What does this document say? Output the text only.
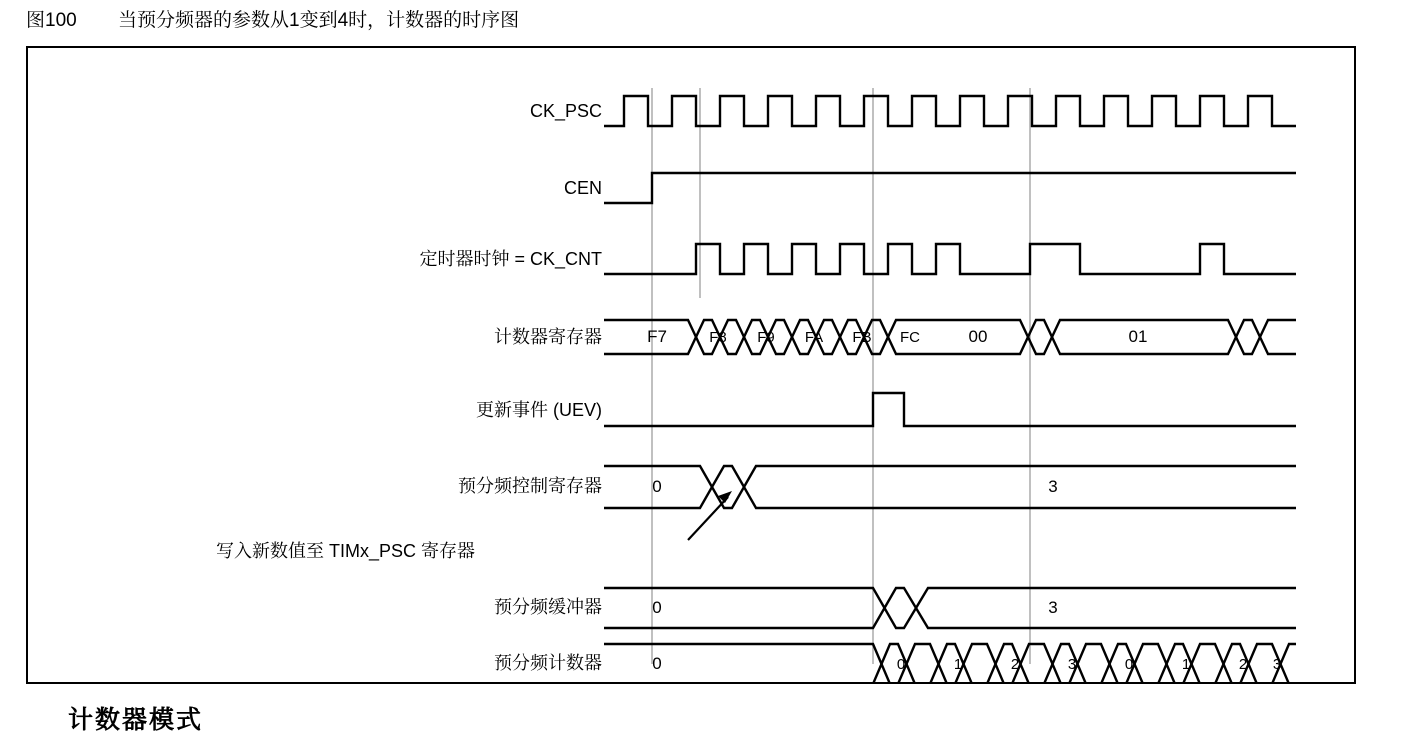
图100 当预分频器的参数从1变到4时，计数器的时序图
CK_PSC
CEN
定时器时钟 = CK_CNT
计数器寄存器
更新事件 (UEV)
预分频控制寄存器
预分频缓冲器
预分频计数器
写入新数值至 TIMx_PSC 寄存器
F7	F8	F9	FA	FB	FC	00	01
0	3
0	3
0	0	1	2	3	0	1	2	3
计数器模式
